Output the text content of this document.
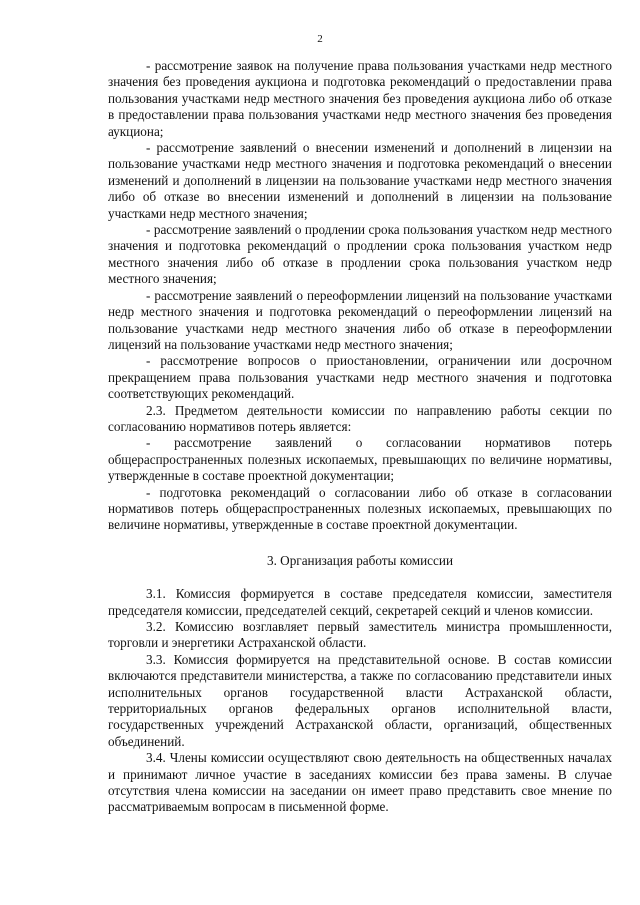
2

- рассмотрение заявок на получение права пользования участками недр местного значения без проведения аукциона и подготовка рекомендаций о предоставлении права пользования участками недр местного значения без проведения аукциона либо об отказе в предоставлении права пользования участками недр местного значения без проведения аукциона;

- рассмотрение заявлений о внесении изменений и дополнений в лицензии на пользование участками недр местного значения и подготовка рекомендаций о внесении изменений и дополнений в лицензии на пользование участками недр местного значения либо об отказе во внесении изменений и дополнений в лицензии на пользование участками недр местного значения;

- рассмотрение заявлений о продлении срока пользования участком недр местного значения и подготовка рекомендаций о продлении срока пользования участком недр местного значения либо об отказе в продлении срока пользования участком недр местного значения;

- рассмотрение заявлений о переоформлении лицензий на пользование участками недр местного значения и подготовка рекомендаций о переоформлении лицензий на пользование участками недр местного значения либо об отказе в переоформлении лицензий на пользование участками недр местного значения;

- рассмотрение вопросов о приостановлении, ограничении или досрочном прекращением права пользования участками недр местного значения и подготовка соответствующих рекомендаций.

2.3. Предметом деятельности комиссии по направлению работы секции по согласованию нормативов потерь является:

- рассмотрение заявлений о согласовании нормативов потерь общераспространенных полезных ископаемых, превышающих по величине нормативы, утвержденные в составе проектной документации;

- подготовка рекомендаций о согласовании либо об отказе в согласовании нормативов потерь общераспространенных полезных ископаемых, превышающих по величине нормативы, утвержденные в составе проектной документации.

3. Организация работы комиссии

3.1. Комиссия формируется в составе председателя комиссии, заместителя председателя комиссии, председателей секций, секретарей секций и членов комиссии.

3.2. Комиссию возглавляет первый заместитель министра промышленности, торговли и энергетики Астраханской области.

3.3. Комиссия формируется на представительной основе. В состав комиссии включаются представители министерства, а также по согласованию представители иных исполнительных органов государственной власти Астраханской области, территориальных органов федеральных органов исполнительной власти, государственных учреждений Астраханской области, организаций, общественных объединений.

3.4. Члены комиссии осуществляют свою деятельность на общественных началах и принимают личное участие в заседаниях комиссии без права замены. В случае отсутствия члена комиссии на заседании он имеет право представить свое мнение по рассматриваемым вопросам в письменной форме.
